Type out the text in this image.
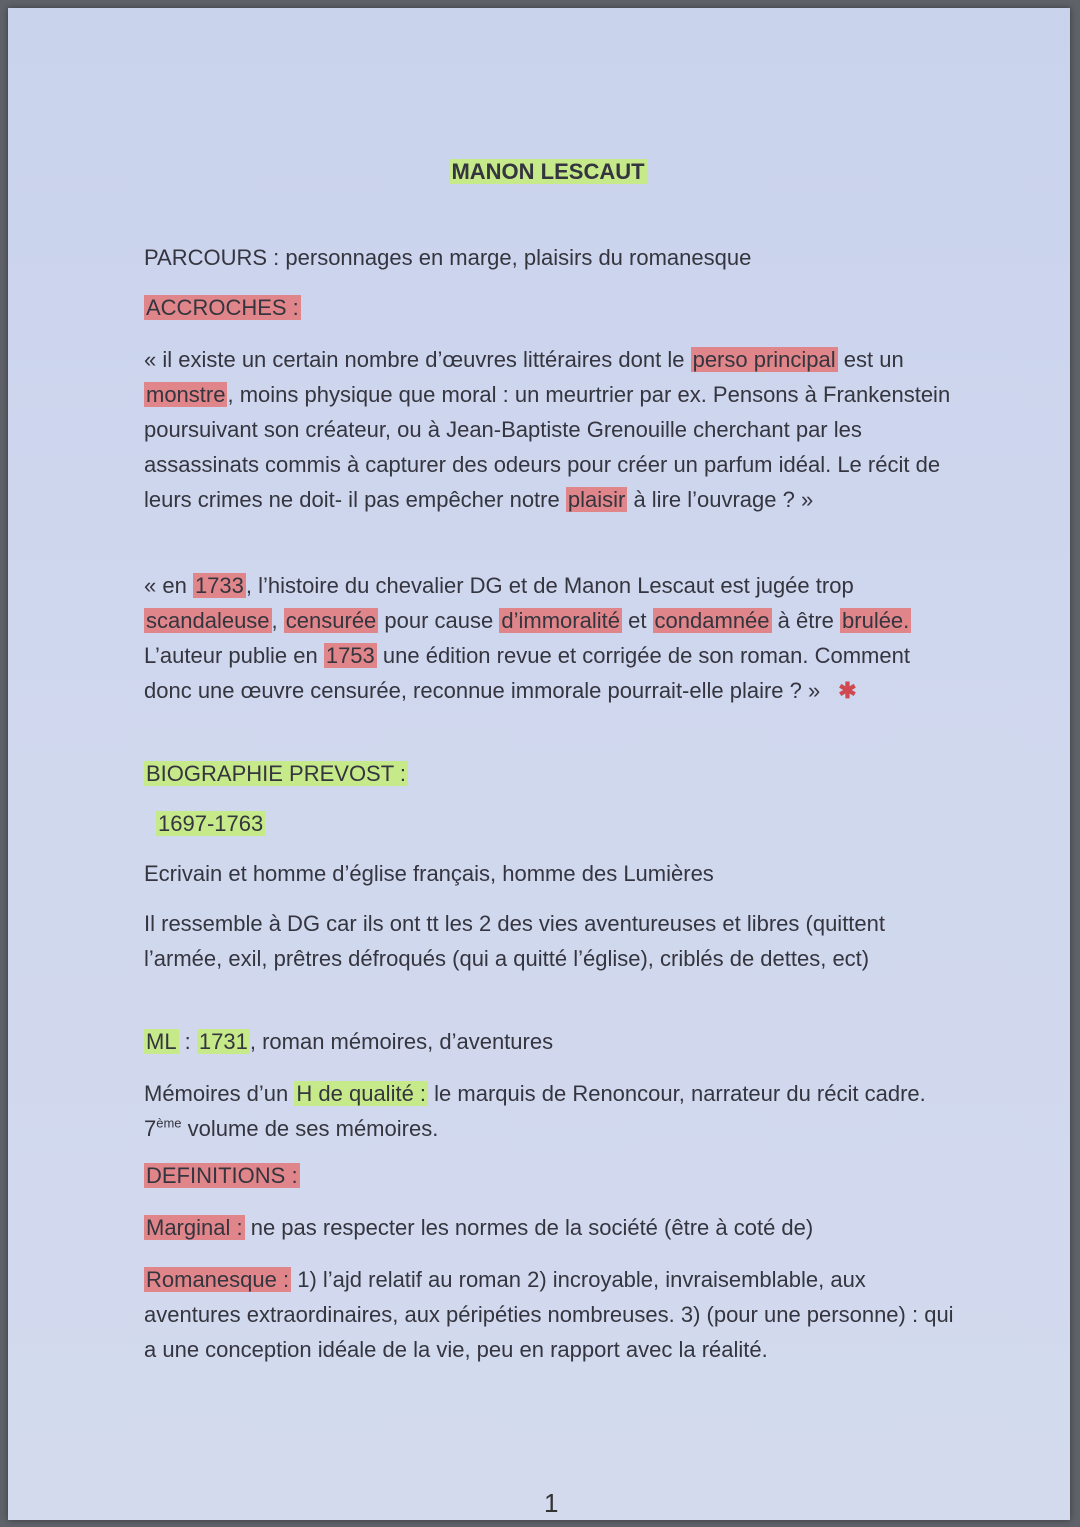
MANON LESCAUT

PARCOURS : personnages en marge, plaisirs du romanesque

ACCROCHES :

« il existe un certain nombre d’œuvres littéraires dont le perso principal est un monstre, moins physique que moral : un meurtrier par ex. Pensons à Frankenstein poursuivant son créateur, ou à Jean-Baptiste Grenouille cherchant par les assassinats commis à capturer des odeurs pour créer un parfum idéal. Le récit de leurs crimes ne doit- il pas empêcher notre plaisir à lire l’ouvrage ? »

« en 1733, l’histoire du chevalier DG et de Manon Lescaut est jugée trop scandaleuse, censurée pour cause d’immoralité et condamnée à être brulée. L’auteur publie en 1753 une édition revue et corrigée de son roman. Comment donc une œuvre censurée, reconnue immorale pourrait-elle plaire ? » ✱

BIOGRAPHIE PREVOST :

1697-1763

Ecrivain et homme d’église français, homme des Lumières

Il ressemble à DG car ils ont tt les 2 des vies aventureuses et libres (quittent l’armée, exil, prêtres défroqués (qui a quitté l’église), criblés de dettes, ect)

ML : 1731, roman mémoires, d’aventures

Mémoires d’un H de qualité : le marquis de Renoncour, narrateur du récit cadre. 7ème volume de ses mémoires.

DEFINITIONS :

Marginal : ne pas respecter les normes de la société (être à coté de)

Romanesque : 1) l’ajd relatif au roman 2) incroyable, invraisemblable, aux aventures extraordinaires, aux péripéties nombreuses. 3) (pour une personne) : qui a une conception idéale de la vie, peu en rapport avec la réalité.

1
